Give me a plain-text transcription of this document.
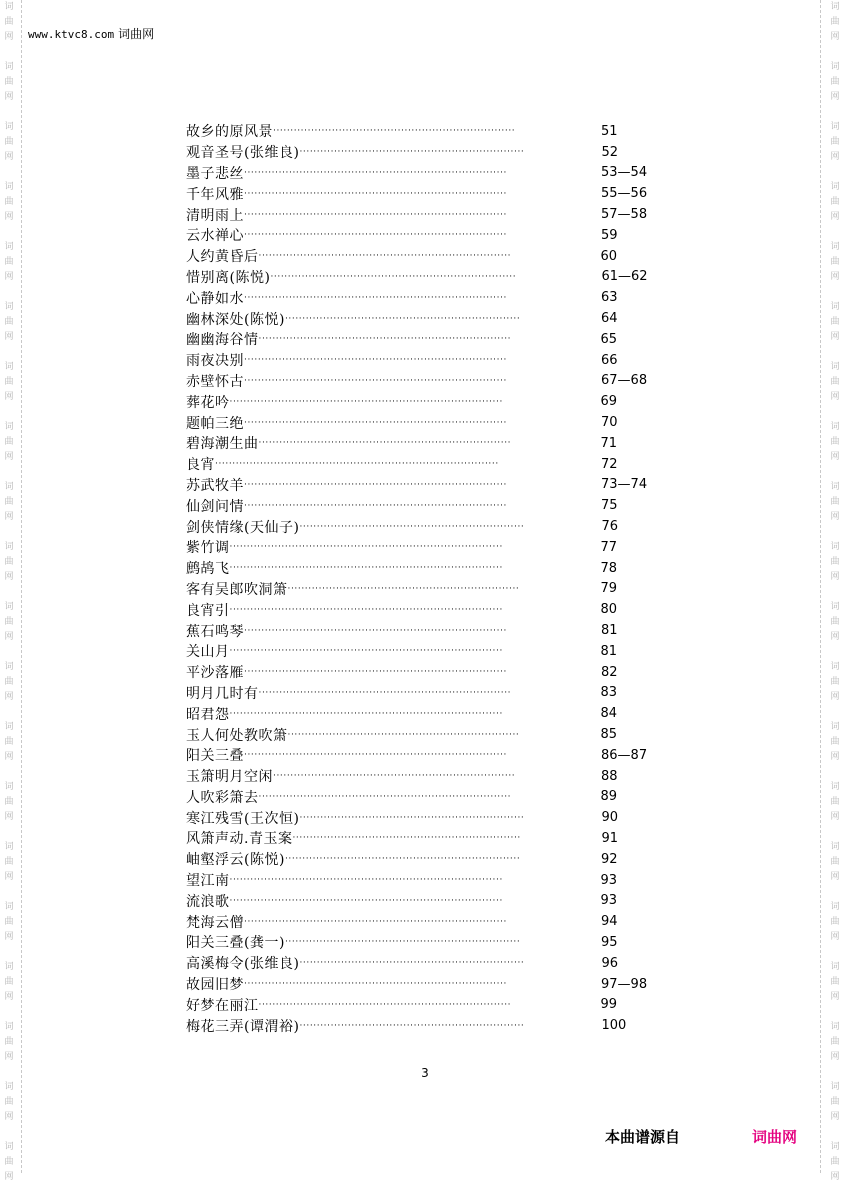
词
曲
网
词
曲
网
词
曲
网
词
曲
网
词
曲
网
词
曲
网
词
曲
网
词
曲
网
词
曲
网
词
曲
网
词
曲
网
词
曲
网
词
曲
网
词
曲
网
词
曲
网
词
曲
网
词
曲
网
词
曲
网
词
曲
网
词
曲
网
词
曲
网
词
曲
网
词
曲
网
词
曲
网
词
曲
网
词
曲
网
词
曲
网
词
曲
网
词
曲
网
词
曲
网
词
曲
网
词
曲
网
词
曲
网
词
曲
网
词
曲
网
词
曲
网
词
曲
网
词
曲
网
词
曲
网
词
曲
网
www.ktvc8.com 词曲网
故乡的原风景 ······································································	51
观音圣号(张维良) ·································································	52
墨子悲丝 ············································································	53—54
千年风雅 ············································································	55—56
清明雨上 ············································································	57—58
云水禅心 ············································································	59
人约黄昏后 ·········································································	60
惜别离(陈悦) ·······································································	61—62
心静如水 ············································································	63
幽林深处(陈悦) ····································································	64
幽幽海谷情 ·········································································	65
雨夜决别 ············································································	66
赤壁怀古 ············································································	67—68
葬花吟 ···············································································	69
题帕三绝 ············································································	70
碧海潮生曲 ·········································································	71
良宵 ··················································································	72
苏武牧羊 ············································································	73—74
仙剑问情 ············································································	75
剑侠情缘(天仙子) ·································································	76
紫竹调 ···············································································	77
鹧鸪飞 ···············································································	78
客有吴郎吹洞箫 ···································································	79
良宵引 ···············································································	80
蕉石鸣琴 ············································································	81
关山月 ···············································································	81
平沙落雁 ············································································	82
明月几时有 ·········································································	83
昭君怨 ···············································································	84
玉人何处教吹箫 ···································································	85
阳关三叠 ············································································	86—87
玉箫明月空闲 ······································································	88
人吹彩箫去 ·········································································	89
寒江残雪(王次恒) ·································································	90
风箫声动.青玉案 ··································································	91
岫壑浮云(陈悦) ····································································	92
望江南 ···············································································	93
流浪歌 ···············································································	93
梵海云僧 ············································································	94
阳关三叠(龚一) ····································································	95
高溪梅令(张维良) ·································································	96
故园旧梦 ············································································	97—98
好梦在丽江 ·········································································	99
梅花三弄(谭渭裕) ·································································	100
3
本曲谱源自	词曲网
